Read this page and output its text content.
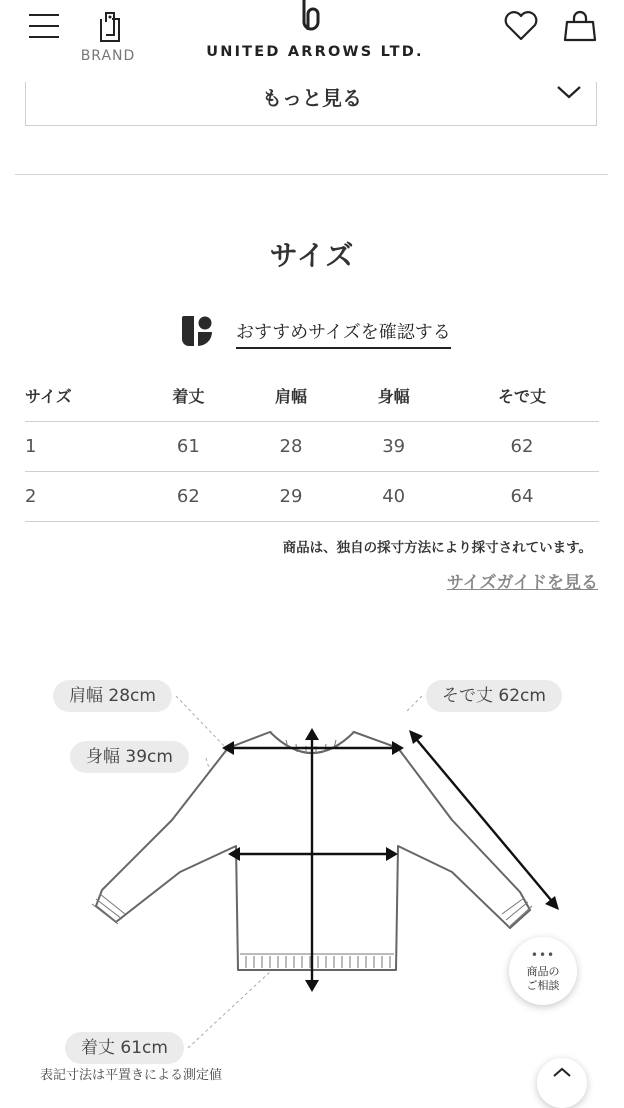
BRAND	UNITED ARROWS LTD.
もっと見る
サイズ
おすすめサイズを確認する
サイズ	着丈	肩幅	身幅	そで丈
1	61	28	39	62
2	62	29	40	64
商品は、独自の採寸方法により採寸されています。
サイズガイドを見る
肩幅 28cm
身幅 39cm
そで丈 62cm
着丈 61cm
表記寸法は平置きによる測定値
•••
商品の
ご相談
